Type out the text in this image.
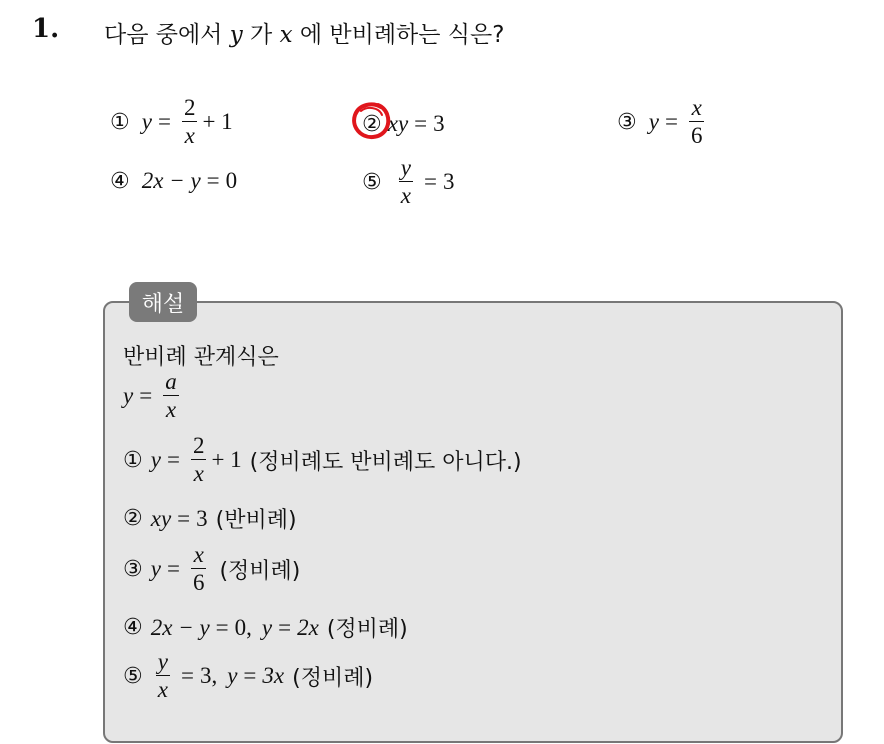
1. 다음 중에서 y 가 x 에 반비례하는 식은?
① $y = \frac{2}{x} + 1$	② xy = 3	③ $y = \frac{x}{6}$
④ 2x − y = 0	⑤ $\frac{y}{x} = 3$
해설
반비례 관계식은
$y = \frac{a}{x}$
① $y = \frac{2}{x} + 1$ (정비례도 반비례도 아니다.)
② xy = 3 (반비례)
③ $y = \frac{x}{6}$ (정비례)
④ 2x − y = 0, y = 2x (정비례)
⑤ $\frac{y}{x} = 3$, y = 3x (정비례)
